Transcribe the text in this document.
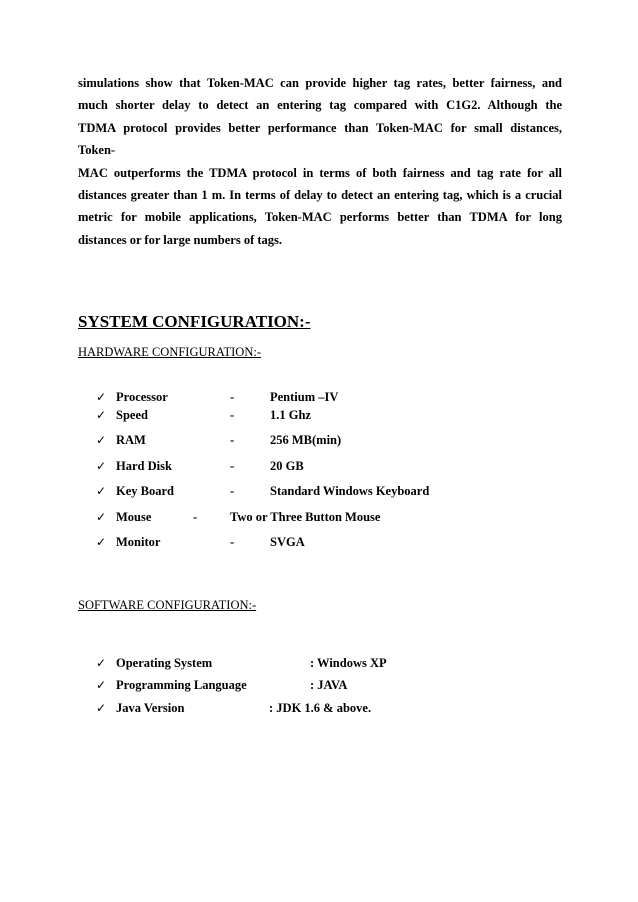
simulations show that Token-MAC can provide higher tag rates, better fairness, and
much shorter delay to detect an entering tag compared with C1G2. Although the
TDMA protocol provides better performance than Token-MAC for small distances,
Token-
MAC outperforms the TDMA protocol in terms of both fairness and tag rate for all
distances greater than 1 m. In terms of delay to detect an entering tag, which is a crucial
metric for mobile applications, Token-MAC performs better than TDMA for long
distances or for large numbers of tags.
SYSTEM CONFIGURATION:-
HARDWARE CONFIGURATION:-
✓ Processor	-	Pentium –IV
✓ Speed	-	1.1 Ghz
✓ RAM	-	256 MB(min)
✓ Hard Disk	-	20 GB
✓ Key Board	-	Standard Windows Keyboard
✓ Mouse	-	Two or Three Button Mouse
✓ Monitor	-	SVGA
SOFTWARE CONFIGURATION:-
✓ Operating System	: Windows XP
✓ Programming Language	: JAVA
✓ Java Version	: JDK 1.6 & above.
